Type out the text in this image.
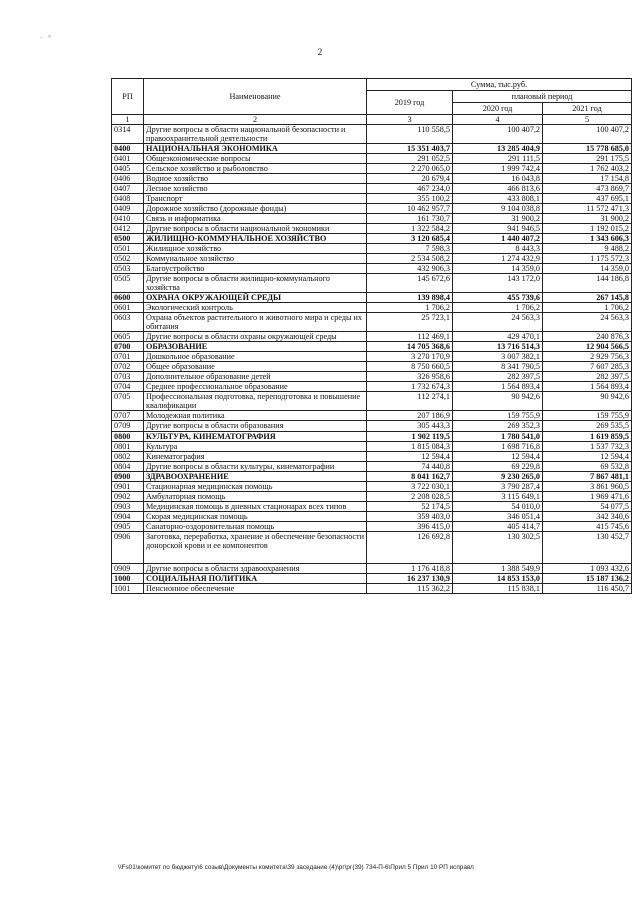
· °
2
РП	Наименование	Сумма, тыс.руб.		
		2019 год	плановый период	
			2020 год	2021 год
1	2	3	4	5
0314	Другие вопросы в области национальной безопасности и правоохранительной деятельности	110 558,5	100 407,2	100 407,2
0400	НАЦИОНАЛЬНАЯ ЭКОНОМИКА	15 351 403,7	13 285 404,9	15 778 685,0
0401	Общеэкономические вопросы	291 052,5	291 111,5	291 175,5
0405	Сельское хозяйство и рыболовство	2 270 065,0	1 999 742,4	1 762 403,2
0406	Водное хозяйство	20 679,4	16 043,8	17 154,8
0407	Лесное хозяйство	467 234,0	466 813,6	473 869,7
0408	Транспорт	355 100,2	433 808,1	437 695,1
0409	Дорожное хозяйство (дорожные фонды)	10 462 957,7	9 104 038,8	11 572 471,3
0410	Связь и информатика	161 730,7	31 900,2	31 900,2
0412	Другие вопросы в области национальной экономики	1 322 584,2	941 946,5	1 192 015,2
0500	ЖИЛИЩНО-КОММУНАЛЬНОЕ ХОЗЯЙСТВО	3 120 685,4	1 440 407,2	1 343 606,3
0501	Жилищное хозяйство	7 598,3	8 443,3	9 488,2
0502	Коммунальное хозяйство	2 534 508,2	1 274 432,9	1 175 572,3
0503	Благоустройство	432 906,3	14 359,0	14 359,0
0505	Другие вопросы в области жилищно-коммунального хозяйства	145 672,6	143 172,0	144 186,8
0600	ОХРАНА ОКРУЖАЮЩЕЙ СРЕДЫ	139 898,4	455 739,6	267 145,8
0601	Экологический контроль	1 706,2	1 706,2	1 706,2
0603	Охрана объектов растительного и животного мира и среды их обитания	25 723,1	24 563,3	24 563,3
0605	Другие вопросы в области охраны окружающей среды	112 469,1	429 470,1	240 876,3
0700	ОБРАЗОВАНИЕ	14 705 368,6	13 716 514,3	12 904 566,5
0701	Дошкольное образование	3 270 170,9	3 007 382,1	2 929 756,3
0702	Общее образование	8 750 660,5	8 341 790,5	7 607 285,3
0703	Дополнительное образование детей	326 958,6	282 397,5	282 397,5
0704	Среднее профессиональное образование	1 732 674,3	1 564 893,4	1 564 893,4
0705	Профессиональная подготовка, переподготовка и повышение квалификации	112 274,1	90 942,6	90 942,6
0707	Молодежная политика	207 186,9	159 755,9	159 755,9
0709	Другие вопросы в области образования	305 443,3	269 352,3	269 535,5
0800	КУЛЬТУРА, КИНЕМАТОГРАФИЯ	1 902 119,5	1 780 541,0	1 619 859,5
0801	Культура	1 815 084,3	1 698 716,8	1 537 732,3
0802	Кинематография	12 594,4	12 594,4	12 594,4
0804	Другие вопросы в области культуры, кинематографии	74 440,8	69 229,8	69 532,8
0900	ЗДРАВООХРАНЕНИЕ	8 041 162,7	9 230 265,0	7 867 481,1
0901	Стационарная медицинская помощь	3 722 030,1	3 790 287,4	3 861 960,5
0902	Амбулаторная помощь	2 208 028,5	3 115 649,1	1 969 471,6
0903	Медицинская помощь в дневных стационарах всех типов	52 174,5	54 010,0	54 077,5
0904	Скорая медицинская помощь	359 403,0	346 051,4	342 340,6
0905	Санаторно-оздоровительная помощь	396 415,0	405 414,7	415 745,6
0906	Заготовка, переработка, хранение и обеспечение безопасности донорской крови и ее компонентов	126 692,8	130 302,5	130 452,7
0909	Другие вопросы в области здравоохранения	1 176 418,8	1 388 549,9	1 093 432,6
1000	СОЦИАЛЬНАЯ ПОЛИТИКА	16 237 130,9	14 853 153,0	15 187 136,2
1001	Пенсионное обеспечение	115 362,2	115 838,1	116 450,7
\\Fs01\комитет по бюджету\6 созыв\Документы комитета\39 заседание (4)\рг\рг(39) 734-П-6\Прил 5 Прил 10 РП исправл
